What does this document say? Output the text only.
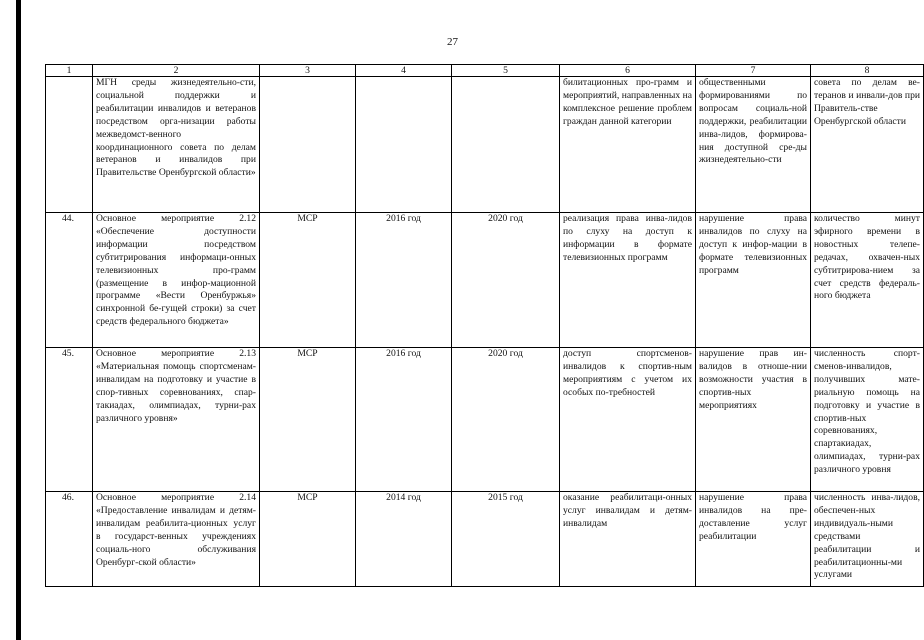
27
1	2	3	4	5	6	7	8
	МГН среды жизнедеятельно-сти, социальной поддержки и реабилитации инвалидов и ветеранов посредством орга-низации работы межведомст-венного координационного совета по делам ветеранов и инвалидов при Правительстве Оренбургской области»				билитационных про-грамм и мероприятий, направленных на комплексное решение проблем граждан данной категории	общественными формированиями по вопросам социаль-ной поддержки, реабилитации инва-лидов, формирова-ния доступной сре-ды жизнедеятельно-сти	совета по делам ве-теранов и инвали-дов при Правитель-стве Оренбургской области
44.	Основное мероприятие 2.12 «Обеспечение доступности информации посредством субтитрирования информаци-онных телевизионных про-грамм (размещение в инфор-мационной программе «Вести Оренбуржья» синхронной бе-гущей строки) за счет средств федерального бюджета»	МСР	2016 год	2020 год	реализация права инва-лидов по слуху на доступ к информации в формате телевизионных программ	нарушение права инвалидов по слуху на доступ к инфор-мации в формате телевизионных программ	количество минут эфирного времени в новостных телепе-редачах, охвачен-ных субтитрирова-нием за счет средств федераль-ного бюджета
45.	Основное мероприятие 2.13 «Материальная помощь спортсменам-инвалидам на подготовку и участие в спор-тивных соревнованиях, спар-такиадах, олимпиадах, турни-рах различного уровня»	МСР	2016 год	2020 год	доступ спортсменов-инвалидов к спортив-ным мероприятиям с учетом их особых по-требностей	нарушение прав ин-валидов в отноше-нии возможности участия в спортив-ных мероприятиях	численность спорт-сменов-инвалидов, получивших мате-риальную помощь на подготовку и участие в спортив-ных соревнованиях, спартакиадах, олимпиадах, турни-рах различного уровня
46.	Основное мероприятие 2.14 «Предоставление инвалидам и детям-инвалидам реабилита-ционных услуг в государст-венных учреждениях социаль-ного обслуживания Оренбург-ской области»	МСР	2014 год	2015 год	оказание реабилитаци-онных услуг инвалидам и детям-инвалидам	нарушение права инвалидов на пре-доставление услуг реабилитации	численность инва-лидов, обеспечен-ных индивидуаль-ными средствами реабилитации и реабилитационны-ми услугами
